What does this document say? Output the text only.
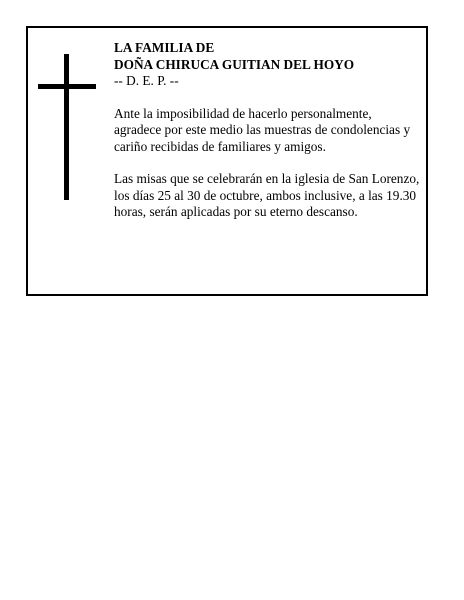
LA FAMILIA DE
DOÑA CHIRUCA GUITIAN DEL HOYO
-- D. E. P. --

Ante la imposibilidad de hacerlo personalmente, agradece por este medio las muestras de condolencias y cariño recibidas de familiares y amigos.

Las misas que se celebrarán en la iglesia de San Lorenzo, los días 25 al 30 de octubre, ambos inclusive, a las 19.30 horas, serán aplicadas por su eterno descanso.
